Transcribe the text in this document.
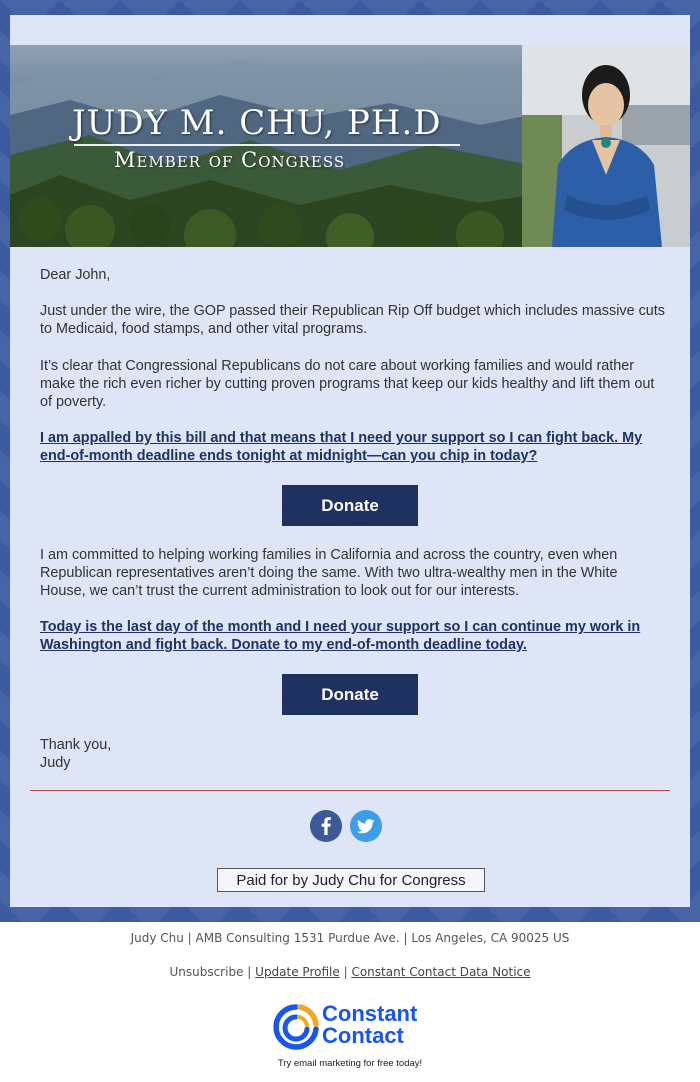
JUDY M. CHU, PH.D
Member of Congress
Dear John,
Just under the wire, the GOP passed their Republican Rip Off budget which includes massive cuts to Medicaid, food stamps, and other vital programs.
It’s clear that Congressional Republicans do not care about working families and would rather make the rich even richer by cutting proven programs that keep our kids healthy and lift them out of poverty.
I am appalled by this bill and that means that I need your support so I can fight back. My end-of-month deadline ends tonight at midnight—can you chip in today?
Donate
I am committed to helping working families in California and across the country, even when Republican representatives aren’t doing the same. With two ultra-wealthy men in the White House, we can’t trust the current administration to look out for our interests.
Today is the last day of the month and I need your support so I can continue my work in Washington and fight back. Donate to my end-of-month deadline today.
Donate
Thank you,
Judy
Paid for by Judy Chu for Congress
Judy Chu | AMB Consulting 1531 Purdue Ave. | Los Angeles, CA 90025 US
Unsubscribe | Update Profile | Constant Contact Data Notice
Constant
Contact
Try email marketing for free today!
